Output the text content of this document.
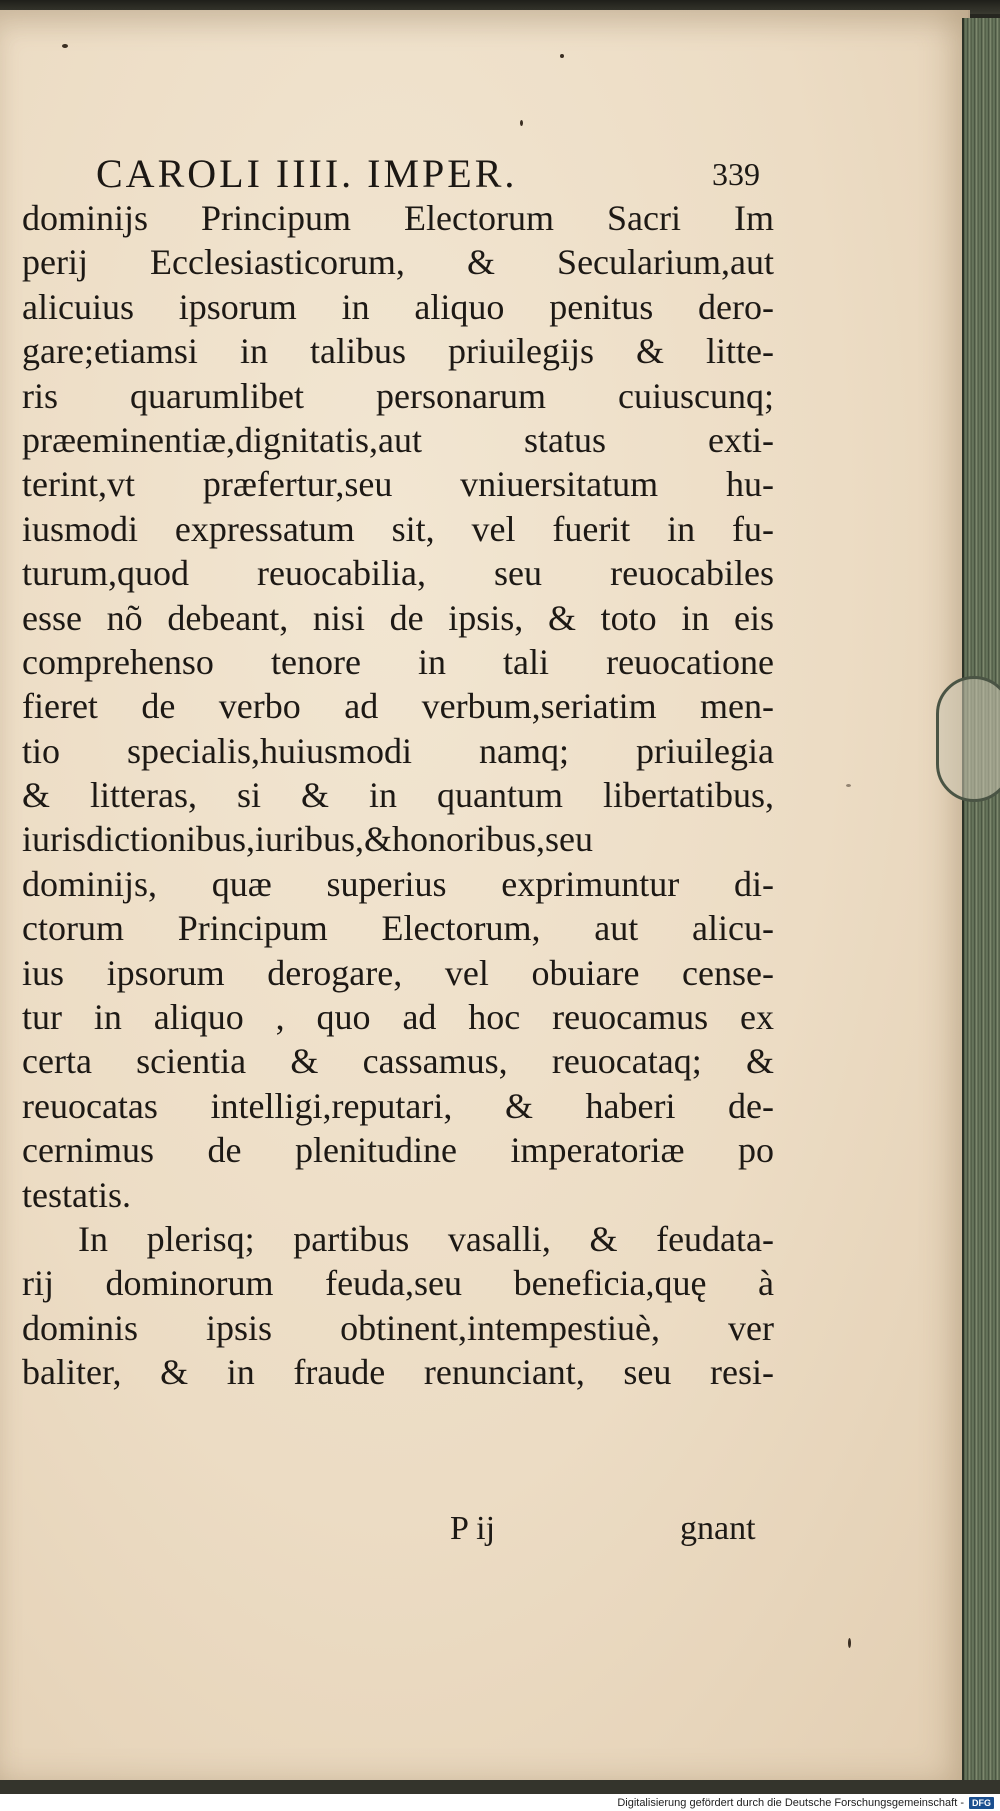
CAROLI IIII. IMPER.	339
dominijs Principum Electorum Sacri Im
perij Ecclesiasticorum, & Secularium,aut
alicuius ipsorum in aliquo penitus dero-
gare;etiamsi in talibus priuilegijs & litte-
ris quarumlibet personarum cuiuscunq;
præeminentiæ,dignitatis,aut status exti-
terint,vt præfertur,seu vniuersitatum hu-
iusmodi expressatum sit, vel fuerit in fu-
turum,quod reuocabilia, seu reuocabiles
esse nõ debeant, nisi de ipsis, & toto in eis
comprehenso tenore in tali reuocatione
fieret de verbo ad verbum,seriatim men-
tio specialis,huiusmodi namq; priuilegia
& litteras, si & in quantum libertatibus,
iurisdictionibus,iuribus,&honoribus,seu
dominijs, quæ superius exprimuntur di-
ctorum Principum Electorum, aut alicu-
ius ipsorum derogare, vel obuiare cense-
tur in aliquo , quo ad hoc reuocamus ex
certa scientia & cassamus, reuocataq; &
reuocatas intelligi,reputari, & haberi de-
cernimus de plenitudine imperatoriæ po
testatis.
In plerisq; partibus vasalli, & feudata-
rij dominorum feuda,seu beneficia,quę à
dominis ipsis obtinent,intempestiuè, ver
baliter, & in fraude renunciant, seu resi-
P ij	gnant
Digitalisierung gefördert durch die Deutsche Forschungsgemeinschaft - DFG
